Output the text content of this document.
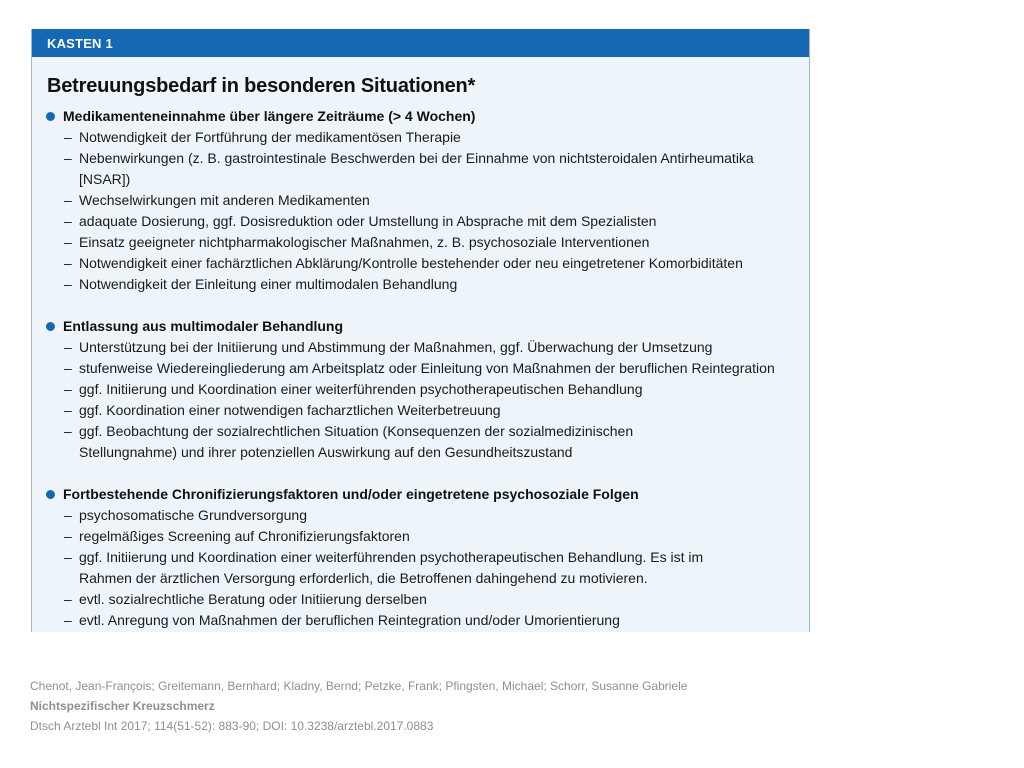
KASTEN 1
Betreuungsbedarf in besonderen Situationen*
Medikamenteneinnahme über längere Zeiträume (> 4 Wochen)
– Notwendigkeit der Fortführung der medikamentösen Therapie
– Nebenwirkungen (z. B. gastrointestinale Beschwerden bei der Einnahme von nichtsteroidalen Antirheumatika [NSAR])
– Wechselwirkungen mit anderen Medikamenten
– adaquate Dosierung, ggf. Dosisreduktion oder Umstellung in Absprache mit dem Spezialisten
– Einsatz geeigneter nichtpharmakologischer Maßnahmen, z. B. psychosoziale Interventionen
– Notwendigkeit einer fachärztlichen Abklärung/Kontrolle bestehender oder neu eingetretener Komorbiditäten
– Notwendigkeit der Einleitung einer multimodalen Behandlung
Entlassung aus multimodaler Behandlung
– Unterstützung bei der Initiierung und Abstimmung der Maßnahmen, ggf. Überwachung der Umsetzung
– stufenweise Wiedereingliederung am Arbeitsplatz oder Einleitung von Maßnahmen der beruflichen Reintegration
– ggf. Initiierung und Koordination einer weiterführenden psychotherapeutischen Behandlung
– ggf. Koordination einer notwendigen facharztlichen Weiterbetreuung
– ggf. Beobachtung der sozialrechtlichen Situation (Konsequenzen der sozialmedizinischen Stellungnahme) und ihrer potenziellen Auswirkung auf den Gesundheitszustand
Fortbestehende Chronifizierungsfaktoren und/oder eingetretene psychosoziale Folgen
– psychosomatische Grundversorgung
– regelmäßiges Screening auf Chronifizierungsfaktoren
– ggf. Initiierung und Koordination einer weiterführenden psychotherapeutischen Behandlung. Es ist im Rahmen der ärztlichen Versorgung erforderlich, die Betroffenen dahingehend zu motivieren.
– evtl. sozialrechtliche Beratung oder Initiierung derselben
– evtl. Anregung von Maßnahmen der beruflichen Reintegration und/oder Umorientierung
Chenot, Jean-François; Greitemann, Bernhard; Kladny, Bernd; Petzke, Frank; Pfingsten, Michael; Schorr, Susanne Gabriele
Nichtspezifischer Kreuzschmerz
Dtsch Arztebl Int 2017; 114(51-52): 883-90; DOI: 10.3238/arztebl.2017.0883
